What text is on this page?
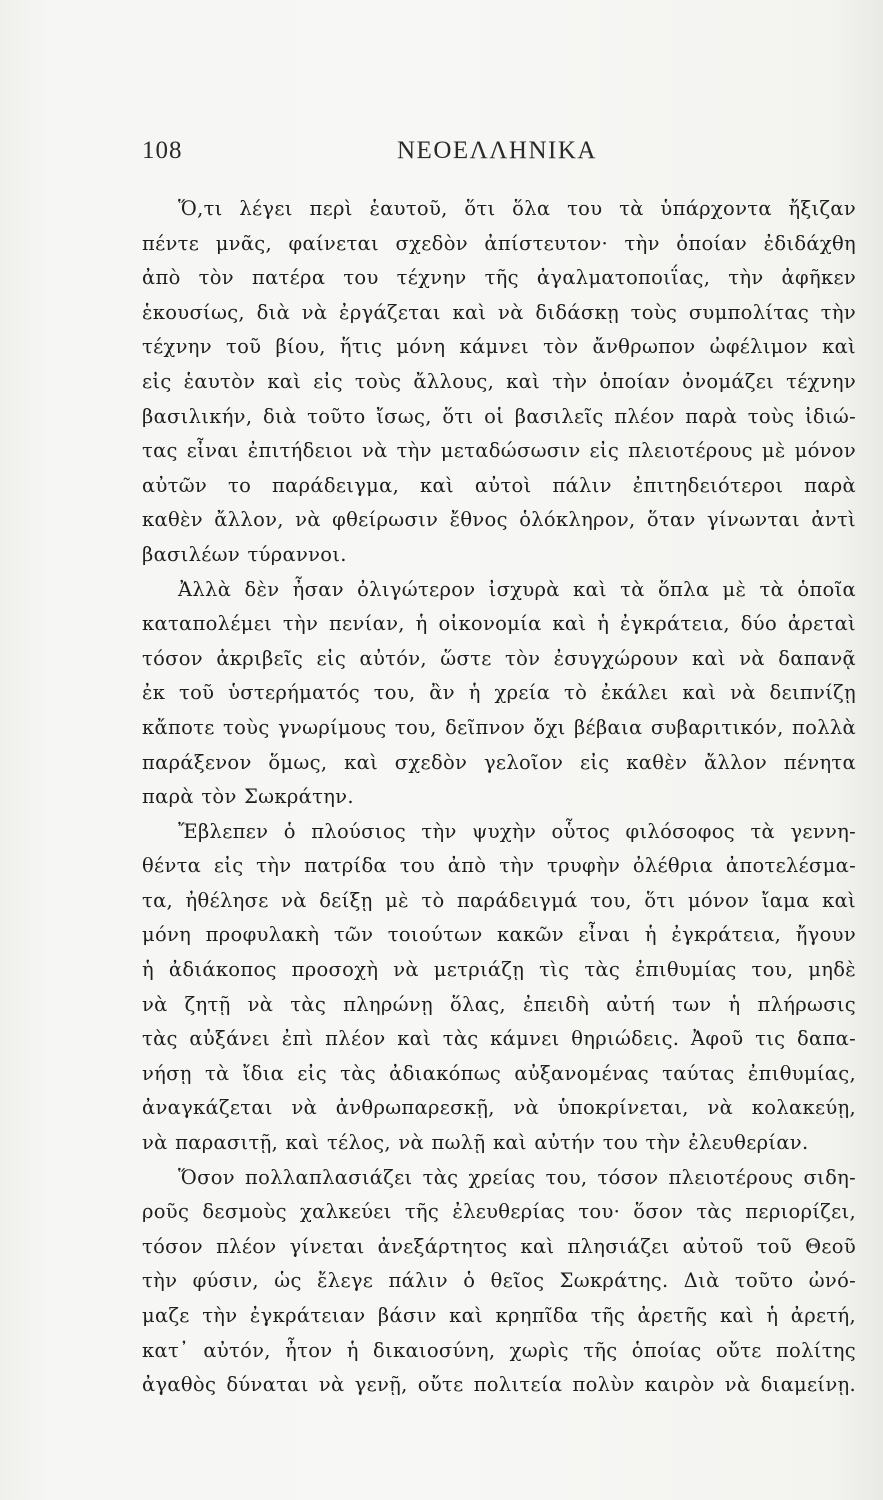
108	ΝΕΟΕΛΛΗΝΙΚΑ
Ὅ,τι λέγει περὶ ἑαυτοῦ, ὅτι ὅλα του τὰ ὑπάρχοντα ἤξιζαν
πέντε μνᾶς, φαίνεται σχεδὸν ἀπίστευτον· τὴν ὁποίαν ἐδιδάχθη
ἀπὸ τὸν πατέρα του τέχνην τῆς ἀγαλματοποιΐας, τὴν ἀφῆκεν
ἑκουσίως, διὰ νὰ ἐργάζεται καὶ νὰ διδάσκῃ τοὺς συμπολίτας τὴν
τέχνην τοῦ βίου, ἥτις μόνη κάμνει τὸν ἄνθρωπον ὠφέλιμον καὶ
εἰς ἑαυτὸν καὶ εἰς τοὺς ἄλλους, καὶ τὴν ὁποίαν ὀνομάζει τέχνην
βασιλικήν, διὰ τοῦτο ἴσως, ὅτι οἱ βασιλεῖς πλέον παρὰ τοὺς ἰδιώ-
τας εἶναι ἐπιτήδειοι νὰ τὴν μεταδώσωσιν εἰς πλειοτέρους μὲ μόνον
αὐτῶν το παράδειγμα, καὶ αὐτοὶ πάλιν ἐπιτηδειότεροι παρὰ
καθὲν ἄλλον, νὰ φθείρωσιν ἔθνος ὁλόκληρον, ὅταν γίνωνται ἀντὶ
βασιλέων τύραννοι.
Ἀλλὰ δὲν ἦσαν ὀλιγώτερον ἰσχυρὰ καὶ τὰ ὅπλα μὲ τὰ ὁποῖα
καταπολέμει τὴν πενίαν, ἡ οἰκονομία καὶ ἡ ἐγκράτεια, δύο ἀρεταὶ
τόσον ἀκριβεῖς εἰς αὐτόν, ὥστε τὸν ἐσυγχώρουν καὶ νὰ δαπανᾷ
ἐκ τοῦ ὑστερήματός του, ἂν ἡ χρεία τὸ ἐκάλει καὶ νὰ δειπνίζῃ
κἄποτε τοὺς γνωρίμους του, δεῖπνον ὄχι βέβαια συβαριτικόν, πολλὰ
παράξενον ὅμως, καὶ σχεδὸν γελοῖον εἰς καθὲν ἄλλον πένητα
παρὰ τὸν Σωκράτην.
Ἔβλεπεν ὁ πλούσιος τὴν ψυχὴν οὗτος φιλόσοφος τὰ γεννη-
θέντα εἰς τὴν πατρίδα του ἀπὸ τὴν τρυφὴν ὀλέθρια ἀποτελέσμα-
τα, ἠθέλησε νὰ δείξῃ μὲ τὸ παράδειγμά του, ὅτι μόνον ἴαμα καὶ
μόνη προφυλακὴ τῶν τοιούτων κακῶν εἶναι ἡ ἐγκράτεια, ἤγουν
ἡ ἀδιάκοπος προσοχὴ νὰ μετριάζῃ τὶς τὰς ἐπιθυμίας του, μηδὲ
νὰ ζητῇ νὰ τὰς πληρώνῃ ὅλας, ἐπειδὴ αὐτή των ἡ πλήρωσις
τὰς αὐξάνει ἐπὶ πλέον καὶ τὰς κάμνει θηριώδεις. Ἀφοῦ τις δαπα-
νήσῃ τὰ ἴδια εἰς τὰς ἀδιακόπως αὐξανομένας ταύτας ἐπιθυμίας,
ἀναγκάζεται νὰ ἀνθρωπαρεσκῇ, νὰ ὑποκρίνεται, νὰ κολακεύῃ,
νὰ παρασιτῇ, καὶ τέλος, νὰ πωλῇ καὶ αὐτήν του τὴν ἐλευθερίαν.
Ὅσον πολλαπλασιάζει τὰς χρείας του, τόσον πλειοτέρους σιδη-
ροῦς δεσμοὺς χαλκεύει τῆς ἐλευθερίας του· ὅσον τὰς περιορίζει,
τόσον πλέον γίνεται ἀνεξάρτητος καὶ πλησιάζει αὐτοῦ τοῦ Θεοῦ
τὴν φύσιν, ὡς ἔλεγε πάλιν ὁ θεῖος Σωκράτης. Διὰ τοῦτο ὠνό-
μαζε τὴν ἐγκράτειαν βάσιν καὶ κρηπῖδα τῆς ἀρετῆς καὶ ἡ ἀρετή,
κατ᾽ αὐτόν, ἦτον ἡ δικαιοσύνη, χωρὶς τῆς ὁποίας οὔτε πολίτης
ἀγαθὸς δύναται νὰ γενῇ, οὔτε πολιτεία πολὺν καιρὸν νὰ διαμείνῃ.
